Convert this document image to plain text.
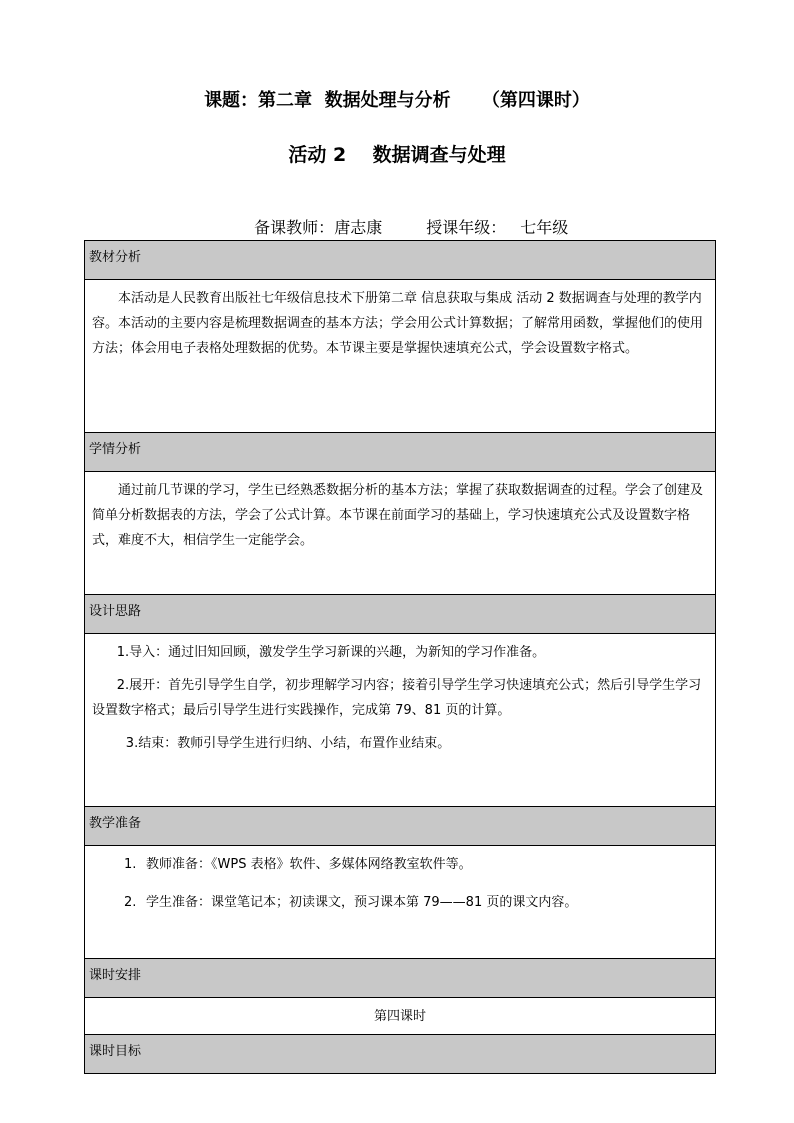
课题：第二章  数据处理与分析     （第四课时）
活动 2    数据调查与处理

备课教师：唐志康	授课年级： 七年级

教材分析

本活动是人民教育出版社七年级信息技术下册第二章 信息获取与集成 活动 2 数据调查与处理的教学内容。本活动的主要内容是梳理数据调查的基本方法；学会用公式计算数据；了解常用函数，掌握他们的使用方法；体会用电子表格处理数据的优势。本节课主要是掌握快速填充公式，学会设置数字格式。

学情分析

通过前几节课的学习，学生已经熟悉数据分析的基本方法；掌握了获取数据调查的过程。学会了创建及简单分析数据表的方法，学会了公式计算。本节课在前面学习的基础上，学习快速填充公式及设置数字格式，难度不大，相信学生一定能学会。

设计思路

1.导入：通过旧知回顾，激发学生学习新课的兴趣，为新知的学习作准备。

2.展开：首先引导学生自学，初步理解学习内容；接着引导学生学习快速填充公式；然后引导学生学习设置数字格式；最后引导学生进行实践操作，完成第 79、81 页的计算。

3.结束：教师引导学生进行归纳、小结，布置作业结束。

教学准备

1. 教师准备：《WPS 表格》软件、多媒体网络教室软件等。

2. 学生准备：课堂笔记本；初读课文，预习课本第 79——81 页的课文内容。

课时安排
第四课时
课时目标
